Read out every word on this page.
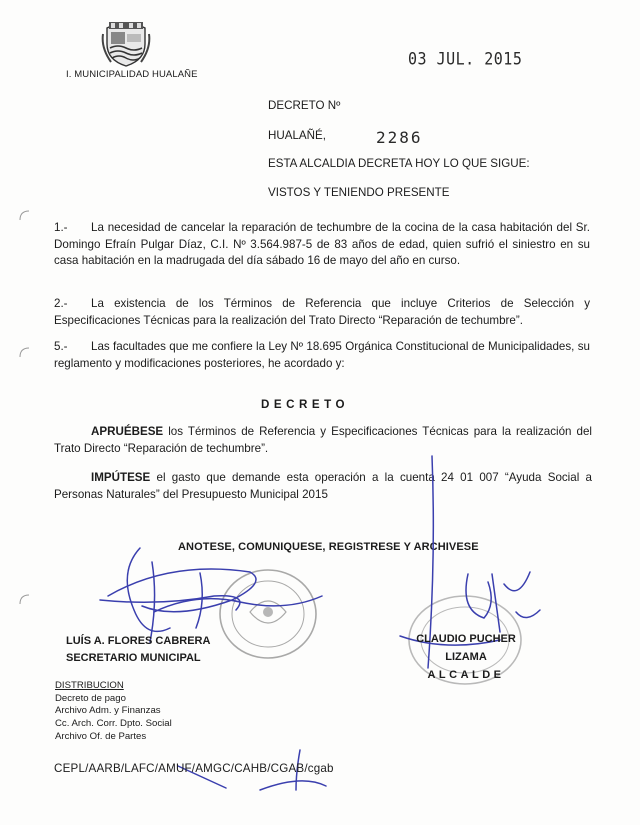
I. MUNICIPALIDAD HUALAÑE
03 JUL. 2015
DECRETO Nº
HUALAÑÉ,	2286
ESTA ALCALDIA DECRETA HOY LO QUE SIGUE:
VISTOS Y TENIENDO PRESENTE
1.- La necesidad de cancelar la reparación de techumbre de la cocina de la casa habitación del Sr. Domingo Efraín Pulgar Díaz, C.I. Nº 3.564.987-5 de 83 años de edad, quien sufrió el siniestro en su casa habitación en la madrugada del día sábado 16 de mayo del año en curso.
2.- La existencia de los Términos de Referencia que incluye Criterios de Selección y Especificaciones Técnicas para la realización del Trato Directo “Reparación de techumbre”.
5.- Las facultades que me confiere la Ley Nº 18.695 Orgánica Constitucional de Municipalidades, su reglamento y modificaciones posteriores, he acordado y:
DECRETO
APRUÉBESE los Términos de Referencia y Especificaciones Técnicas para la realización del Trato Directo “Reparación de techumbre”.
IMPÚTESE el gasto que demande esta operación a la cuenta 24 01 007 “Ayuda Social a Personas Naturales” del Presupuesto Municipal 2015
ANOTESE, COMUNIQUESE, REGISTRESE Y ARCHIVESE
LUÍS A. FLORES CABRERA
SECRETARIO MUNICIPAL
CLAUDIO PUCHER LIZAMA
ALCALDE
DISTRIBUCION
Decreto de pago
Archivo Adm. y Finanzas
Cc. Arch. Corr. Dpto. Social
Archivo Of. de Partes
CEPL/AARB/LAFC/AMUF/AMGC/CAHB/CGAB/cgab
